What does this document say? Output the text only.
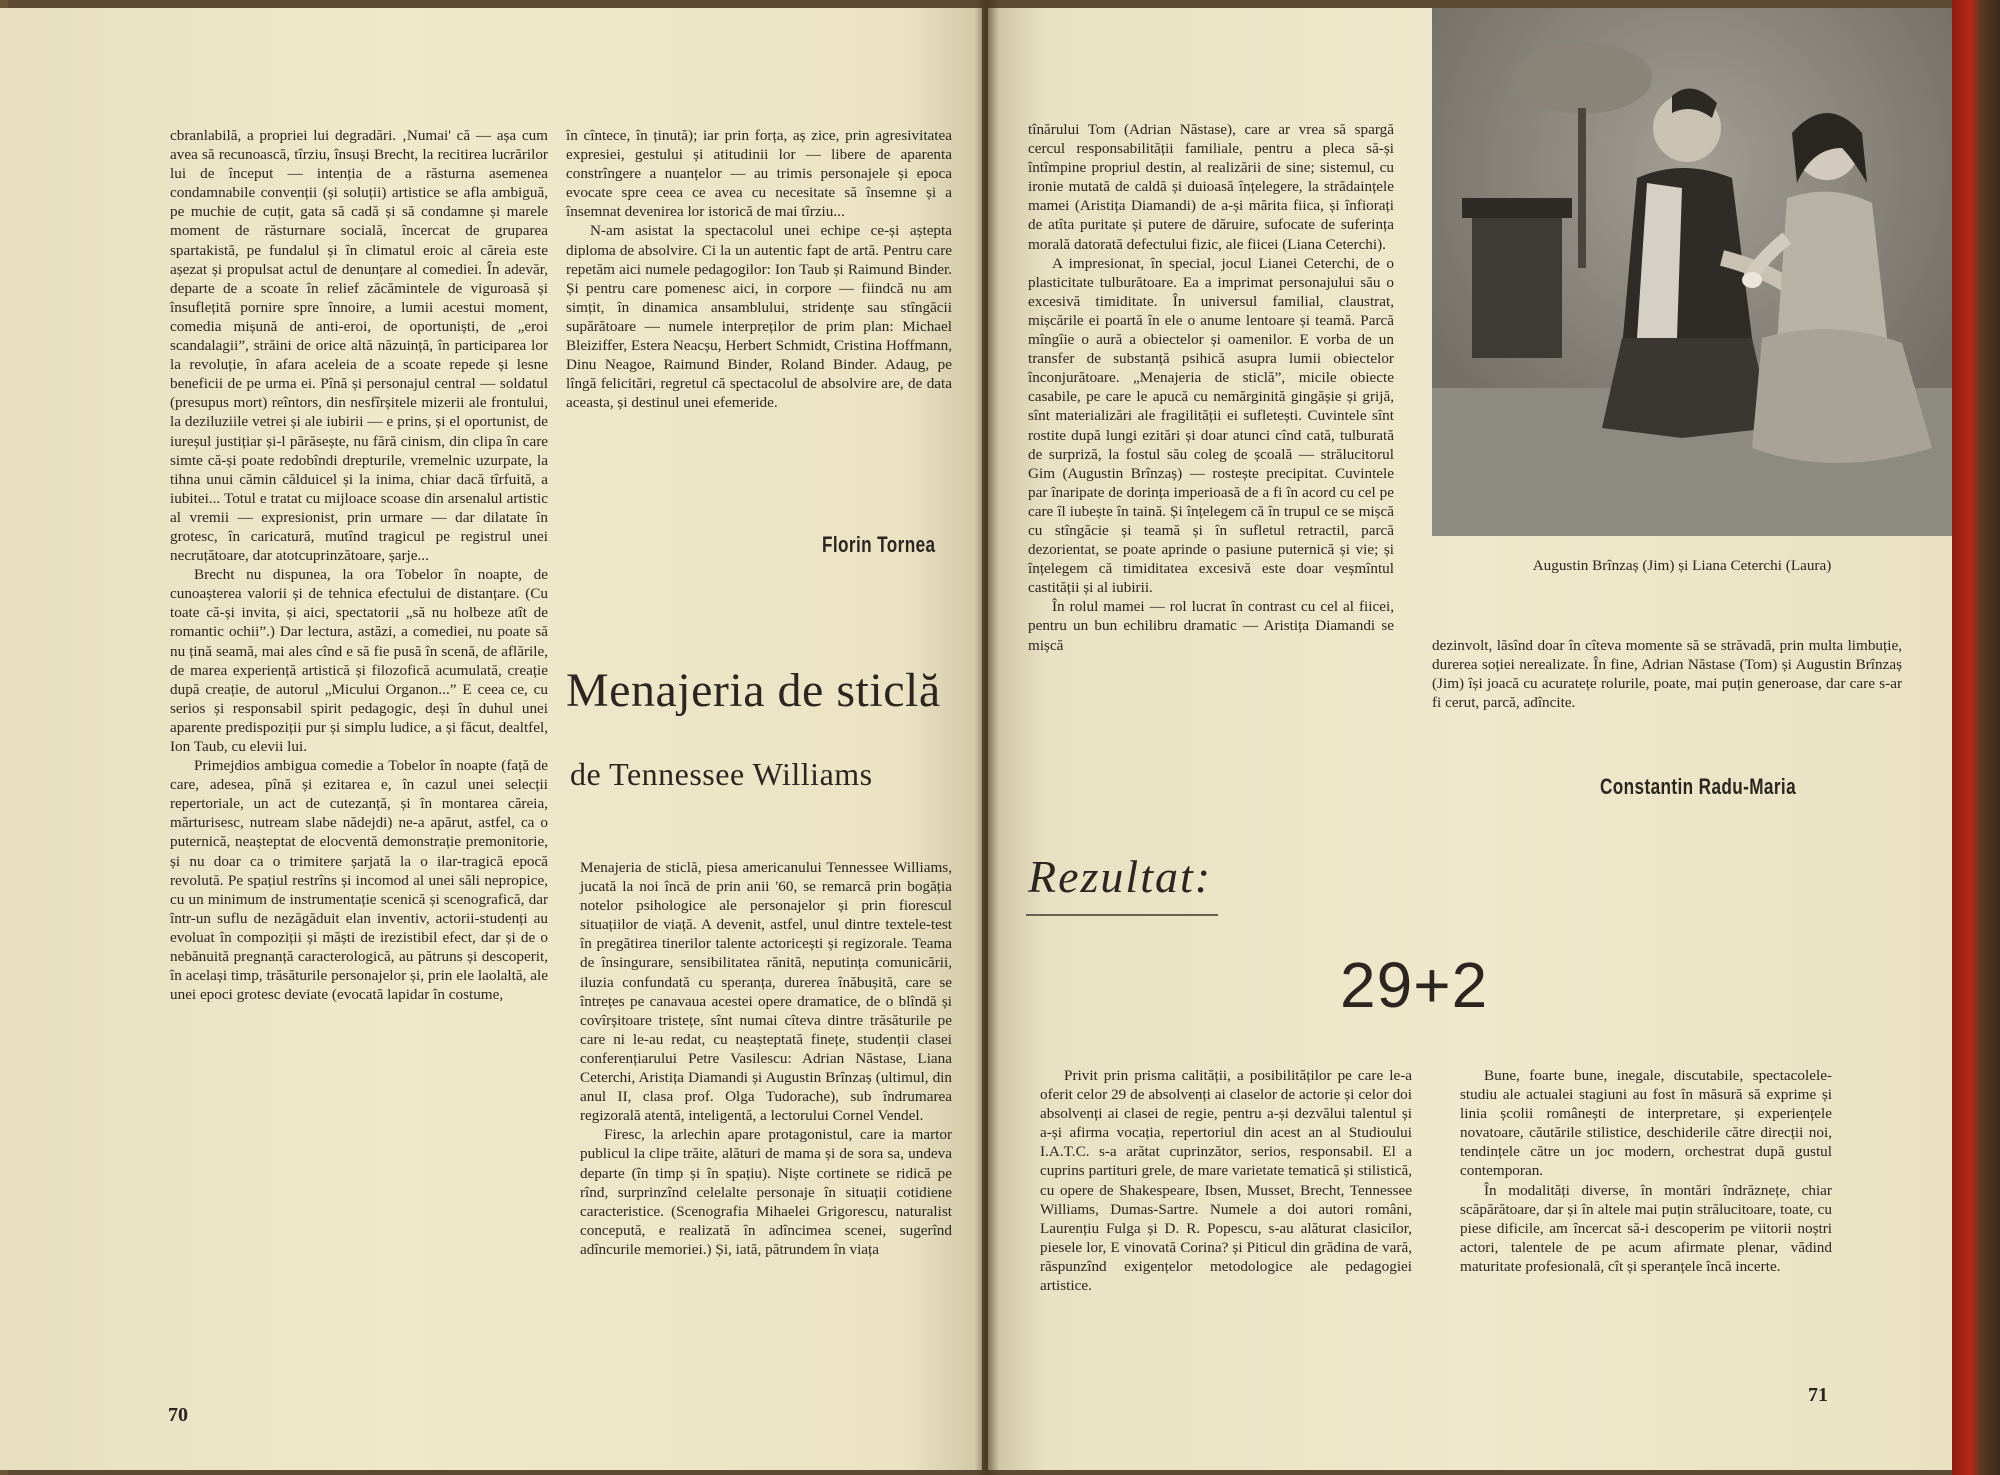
cbranlabilă, a propriei lui degradări. ‚Numai' că — așa cum avea să recunoască, tîrziu, însuși Brecht, la recitirea lucrărilor lui de început — intenția de a răsturna asemenea condamnabile convenții (și soluții) artistice se afla ambiguă, pe muchie de cuțit, gata să cadă și să condamne și marele moment de răsturnare socială, încercat de gruparea spartakistă, pe fundalul și în climatul eroic al căreia este așezat și propulsat actul de denunțare al comediei. În adevăr, departe de a scoate în relief zăcămintele de viguroasă și însuflețită pornire spre înnoire, a lumii acestui moment, comedia mișună de anti-eroi, de oportuniști, de „eroi scandalagii”, străini de orice altă năzuință, în participarea lor la revoluție, în afara aceleia de a scoate repede și lesne beneficii de pe urma ei. Pînă și personajul central — soldatul (presupus mort) reîntors, din nesfîrșitele mizerii ale frontului, la deziluziile vetrei și ale iubirii — e prins, și el oportunist, de iureșul justițiar și-l părăsește, nu fără cinism, din clipa în care simte că-și poate redobîndi drepturile, vremelnic uzurpate, la tihna unui cămin călduicel și la inima, chiar dacă tîrfuită, a iubitei... Totul e tratat cu mijloace scoase din arsenalul artistic al vremii — expresionist, prin urmare — dar dilatate în grotesc, în caricatură, mutînd tragicul pe registrul unei necruțătoare, dar atotcuprinzătoare, șarje...

Brecht nu dispunea, la ora Tobelor în noapte, de cunoașterea valorii și de tehnica efectului de distanțare. (Cu toate că-și invita, și aici, spectatorii „să nu holbeze atît de romantic ochii”.) Dar lectura, astăzi, a comediei, nu poate să nu țină seamă, mai ales cînd e să fie pusă în scenă, de aflările, de marea experiență artistică și filozofică acumulată, creație după creație, de autorul „Micului Organon...” E ceea ce, cu serios și responsabil spirit pedagogic, deși în duhul unei aparente predispoziții pur și simplu ludice, a și făcut, dealtfel, Ion Taub, cu elevii lui.

Primejdios ambigua comedie a Tobelor în noapte (față de care, adesea, pînă și ezitarea e, în cazul unei selecții repertoriale, un act de cutezanță, și în montarea căreia, mărturisesc, nutream slabe nădejdi) ne-a apărut, astfel, ca o puternică, neașteptat de elocventă demonstrație premonitorie, și nu doar ca o trimitere șarjată la o ilar-tragică epocă revolută. Pe spațiul restrîns și incomod al unei săli nepropice, cu un minimum de instrumentație scenică și scenografică, dar într-un suflu de nezăgăduit elan inventiv, actorii-studenți au evoluat în compoziții și măști de irezistibil efect, dar și de o nebănuită pregnanță caracterologică, au pătruns și descoperit, în același timp, trăsăturile personajelor și, prin ele laolaltă, ale unei epoci grotesc deviate (evocată lapidar în costume,

în cîntece, în ținută); iar prin forța, aș zice, prin agresivitatea expresiei, gestului și atitudinii lor — libere de aparenta constrîngere a nuanțelor — au trimis personajele și epoca evocate spre ceea ce avea cu necesitate să însemne și a însemnat devenirea lor istorică de mai tîrziu...

N-am asistat la spectacolul unei echipe ce-și aștepta diploma de absolvire. Ci la un autentic fapt de artă. Pentru care repetăm aici numele pedagogilor: Ion Taub și Raimund Binder. Și pentru care pomenesc aici, in corpore — fiindcă nu am simțit, în dinamica ansamblului, stridențe sau stîngăcii supărătoare — numele interpreților de prim plan: Michael Bleiziffer, Estera Neacșu, Herbert Schmidt, Cristina Hoffmann, Dinu Neagoe, Raimund Binder, Roland Binder. Adaug, pe lîngă felicitări, regretul că spectacolul de absolvire are, de data aceasta, și destinul unei efemeride.

Florin Tornea
Menajeria de sticlă
de Tennessee Williams

Menajeria de sticlă, piesa americanului Tennessee Williams, jucată la noi încă de prin anii '60, se remarcă prin bogăția notelor psihologice ale personajelor și prin fiorescul situațiilor de viață. A devenit, astfel, unul dintre textele-test în pregătirea tinerilor talente actoricești și regizorale. Teama de însingurare, sensibilitatea rănită, neputința comunicării, iluzia confundată cu speranța, durerea înăbușită, care se întrețes pe canavaua acestei opere dramatice, de o blîndă și covîrșitoare tristețe, sînt numai cîteva dintre trăsăturile pe care ni le-au redat, cu neașteptată finețe, studenții clasei conferențiarului Petre Vasilescu: Adrian Năstase, Liana Ceterchi, Aristița Diamandi și Augustin Brînzaș (ultimul, din anul II, clasa prof. Olga Tudorache), sub îndrumarea regizorală atentă, inteligentă, a lectorului Cornel Vendel.

Firesc, la arlechin apare protagonistul, care ia martor publicul la clipe trăite, alături de mama și de sora sa, undeva departe (în timp și în spațiu). Niște cortinete se ridică pe rînd, surprinzînd celelalte personaje în situații cotidiene caracteristice. (Scenografia Mihaelei Grigorescu, naturalist concepută, e realizată în adîncimea scenei, sugerînd adîncurile memoriei.) Și, iată, pătrundem în viața

70

tînărului Tom (Adrian Năstase), care ar vrea să spargă cercul responsabilității familiale, pentru a pleca să-și întîmpine propriul destin, al realizării de sine; sistemul, cu ironie mutată de caldă și duioasă înțelegere, la strădaințele mamei (Aristița Diamandi) de a-și mărita fiica, și înfiorați de atîta puritate și putere de dăruire, sufocate de suferința morală datorată defectului fizic, ale fiicei (Liana Ceterchi).

A impresionat, în special, jocul Lianei Ceterchi, de o plasticitate tulburătoare. Ea a imprimat personajului său o excesivă timiditate. În universul familial, claustrat, mișcările ei poartă în ele o anume lentoare și teamă. Parcă mîngîie o aură a obiectelor și oamenilor. E vorba de un transfer de substanță psihică asupra lumii obiectelor înconjurătoare. „Menajeria de sticlă”, micile obiecte casabile, pe care le apucă cu nemărginită gingășie și grijă, sînt materializări ale fragilității ei sufletești. Cuvintele sînt rostite după lungi ezitări și doar atunci cînd cată, tulburată de surpriză, la fostul său coleg de școală — strălucitorul Gim (Augustin Brînzaș) — rostește precipitat. Cuvintele par înaripate de dorința imperioasă de a fi în acord cu cel pe care îl iubește în taină. Și înțelegem că în trupul ce se mișcă cu stîngăcie și teamă și în sufletul retractil, parcă dezorientat, se poate aprinde o pasiune puternică și vie; și înțelegem că timiditatea excesivă este doar veșmîntul castității și al iubirii.

În rolul mamei — rol lucrat în contrast cu cel al fiicei, pentru un bun echilibru dramatic — Aristița Diamandi se mișcă

Augustin Brînzaș (Jim) și Liana Ceterchi (Laura)

dezinvolt, lăsînd doar în cîteva momente să se străvadă, prin multa limbuție, durerea soției nerealizate. În fine, Adrian Năstase (Tom) și Augustin Brînzaș (Jim) își joacă cu acuratețe rolurile, poate, mai puțin generoase, dar care s-ar fi cerut, parcă, adîncite.

Constantin Radu-Maria
Rezultat:
29+2

Privit prin prisma calității, a posibilităților pe care le-a oferit celor 29 de absolvenți ai claselor de actorie și celor doi absolvenți ai clasei de regie, pentru a-și dezvălui talentul și a-și afirma vocația, repertoriul din acest an al Studioului I.A.T.C. s-a arătat cuprinzător, serios, responsabil. El a cuprins partituri grele, de mare varietate tematică și stilistică, cu opere de Shakespeare, Ibsen, Musset, Brecht, Tennessee Williams, Dumas-Sartre. Numele a doi autori români, Laurențiu Fulga și D. R. Popescu, s-au alăturat clasicilor, piesele lor, E vinovată Corina? și Piticul din grădina de vară, răspunzînd exigențelor metodologice ale pedagogiei artistice.

Bune, foarte bune, inegale, discutabile, spectacolele-studiu ale actualei stagiuni au fost în măsură să exprime și linia școlii românești de interpretare, și experiențele novatoare, căutările stilistice, deschiderile către direcții noi, tendințele către un joc modern, orchestrat după gustul contemporan.

În modalități diverse, în montări îndrăznețe, chiar scăpărătoare, dar și în altele mai puțin strălucitoare, toate, cu piese dificile, am încercat să-i descoperim pe viitorii noștri actori, talentele de pe acum afirmate plenar, vădind maturitate profesională, cît și speranțele încă incerte.

71
